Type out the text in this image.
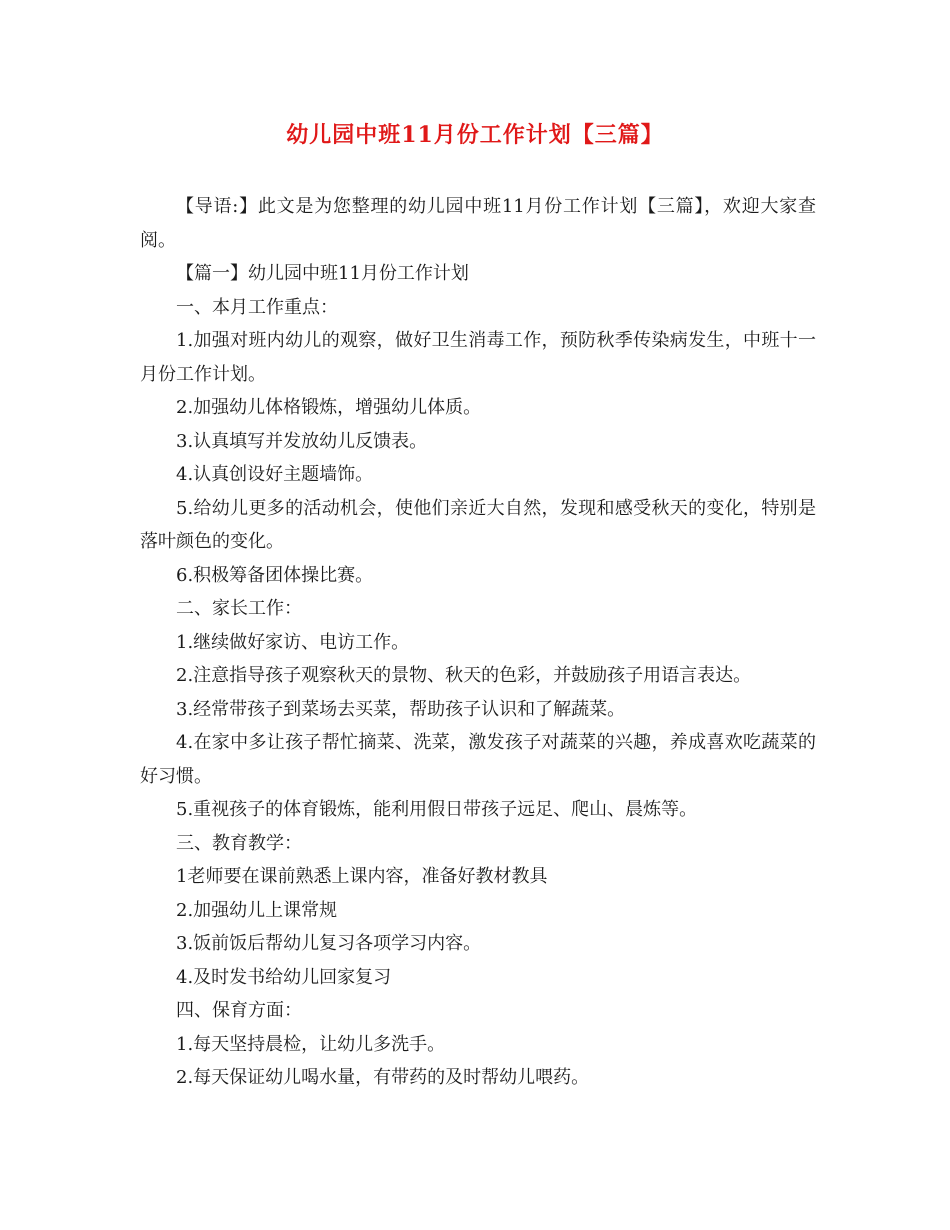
幼儿园中班11月份工作计划【三篇】

【导语:】此文是为您整理的幼儿园中班11月份工作计划【三篇】，欢迎大家查阅。

【篇一】幼儿园中班11月份工作计划

一、本月工作重点：

1.加强对班内幼儿的观察，做好卫生消毒工作，预防秋季传染病发生，中班十一月份工作计划。

2.加强幼儿体格锻炼，增强幼儿体质。

3.认真填写并发放幼儿反馈表。

4.认真创设好主题墙饰。

5.给幼儿更多的活动机会，使他们亲近大自然，发现和感受秋天的变化，特别是落叶颜色的变化。

6.积极筹备团体操比赛。

二、家长工作：

1.继续做好家访、电访工作。

2.注意指导孩子观察秋天的景物、秋天的色彩，并鼓励孩子用语言表达。

3.经常带孩子到菜场去买菜，帮助孩子认识和了解蔬菜。

4.在家中多让孩子帮忙摘菜、洗菜，激发孩子对蔬菜的兴趣，养成喜欢吃蔬菜的好习惯。

5.重视孩子的体育锻炼，能利用假日带孩子远足、爬山、晨炼等。

三、教育教学：

1老师要在课前熟悉上课内容，准备好教材教具

2.加强幼儿上课常规

3.饭前饭后帮幼儿复习各项学习内容。

4.及时发书给幼儿回家复习

四、保育方面：

1.每天坚持晨检，让幼儿多洗手。

2.每天保证幼儿喝水量，有带药的及时帮幼儿喂药。
